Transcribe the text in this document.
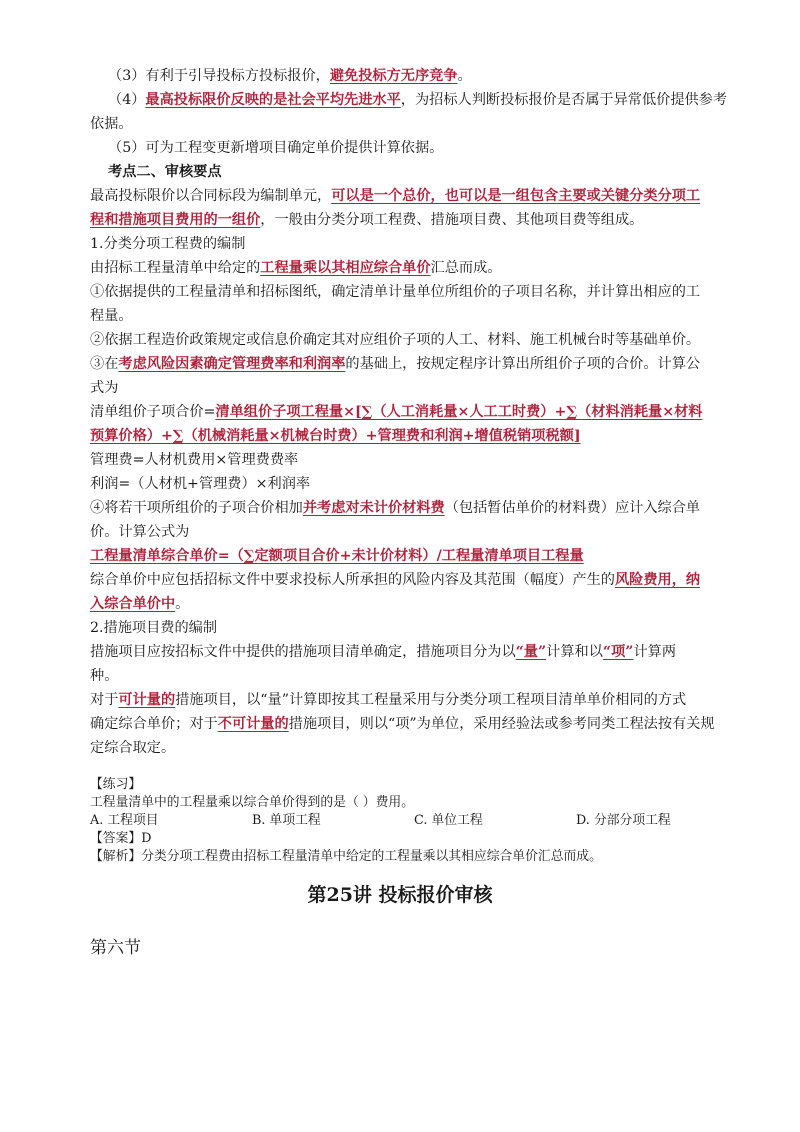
（3）有利于引导投标方投标报价，避免投标方无序竞争。
（4）最高投标限价反映的是社会平均先进水平，为招标人判断投标报价是否属于异常低价提供参考
依据。
（5）可为工程变更新增项目确定单价提供计算依据。
考点二、审核要点
最高投标限价以合同标段为编制单元，可以是一个总价，也可以是一组包含主要或关键分类分项工
程和措施项目费用的一组价，一般由分类分项工程费、措施项目费、其他项目费等组成。
1.分类分项工程费的编制
由招标工程量清单中给定的工程量乘以其相应综合单价汇总而成。
①依据提供的工程量清单和招标图纸，确定清单计量单位所组价的子项目名称，并计算出相应的工
程量。
②依据工程造价政策规定或信息价确定其对应组价子项的人工、材料、施工机械台时等基础单价。
③在考虑风险因素确定管理费率和利润率的基础上，按规定程序计算出所组价子项的合价。计算公
式为
清单组价子项合价=清单组价子项工程量×[∑（人工消耗量×人工工时费）+∑（材料消耗量×材料
预算价格）+∑（机械消耗量×机械台时费）+管理费和利润+增值税销项税额]
管理费=人材机费用×管理费费率
利润=（人材机+管理费）×利润率
④将若干项所组价的子项合价相加并考虑对未计价材料费（包括暂估单价的材料费）应计入综合单
价。计算公式为
工程量清单综合单价=（∑定额项目合价+未计价材料）/工程量清单项目工程量
综合单价中应包括招标文件中要求投标人所承担的风险内容及其范围（幅度）产生的风险费用，纳
入综合单价中。
2.措施项目费的编制
措施项目应按招标文件中提供的措施项目清单确定，措施项目分为以“量”计算和以“项”计算两
种。
对于可计量的措施项目，以“量”计算即按其工程量采用与分类分项工程项目清单单价相同的方式
确定综合单价；对于不可计量的措施项目，则以“项”为单位，采用经验法或参考同类工程法按有关规
定综合取定。
【练习】
工程量清单中的工程量乘以综合单价得到的是（ ）费用。
A. 工程项目	B. 单项工程	C. 单位工程	D. 分部分项工程
【答案】D
【解析】分类分项工程费由招标工程量清单中给定的工程量乘以其相应综合单价汇总而成。
第25讲 投标报价审核
第六节
